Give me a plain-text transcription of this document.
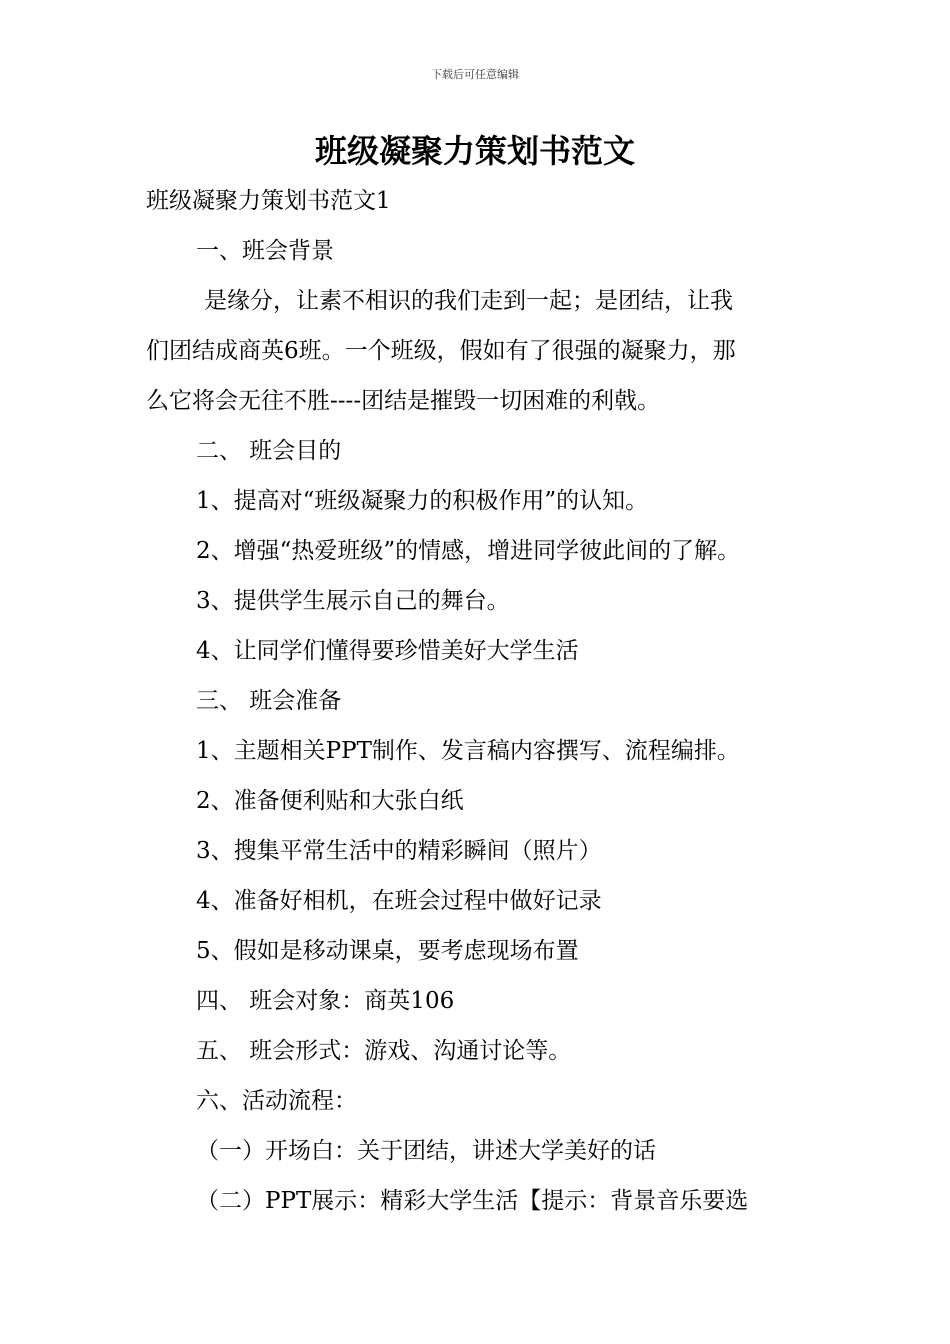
下载后可任意编辑
班级凝聚力策划书范文
班级凝聚力策划书范文1
一、班会背景
是缘分，让素不相识的我们走到一起；是团结，让我
们团结成商英6班。一个班级，假如有了很强的凝聚力，那
么它将会无往不胜----团结是摧毁一切困难的利戟。
二、 班会目的
1、提高对“班级凝聚力的积极作用”的认知。
2、增强“热爱班级”的情感，增进同学彼此间的了解。
3、提供学生展示自己的舞台。
4、让同学们懂得要珍惜美好大学生活
三、 班会准备
1、主题相关PPT制作、发言稿内容撰写、流程编排。
2、准备便利贴和大张白纸
3、搜集平常生活中的精彩瞬间（照片）
4、准备好相机，在班会过程中做好记录
5、假如是移动课桌，要考虑现场布置
四、 班会对象：商英106
五、 班会形式：游戏、沟通讨论等。
六、活动流程：
（一）开场白：关于团结，讲述大学美好的话
（二）PPT展示：精彩大学生活【提示：背景音乐要选
